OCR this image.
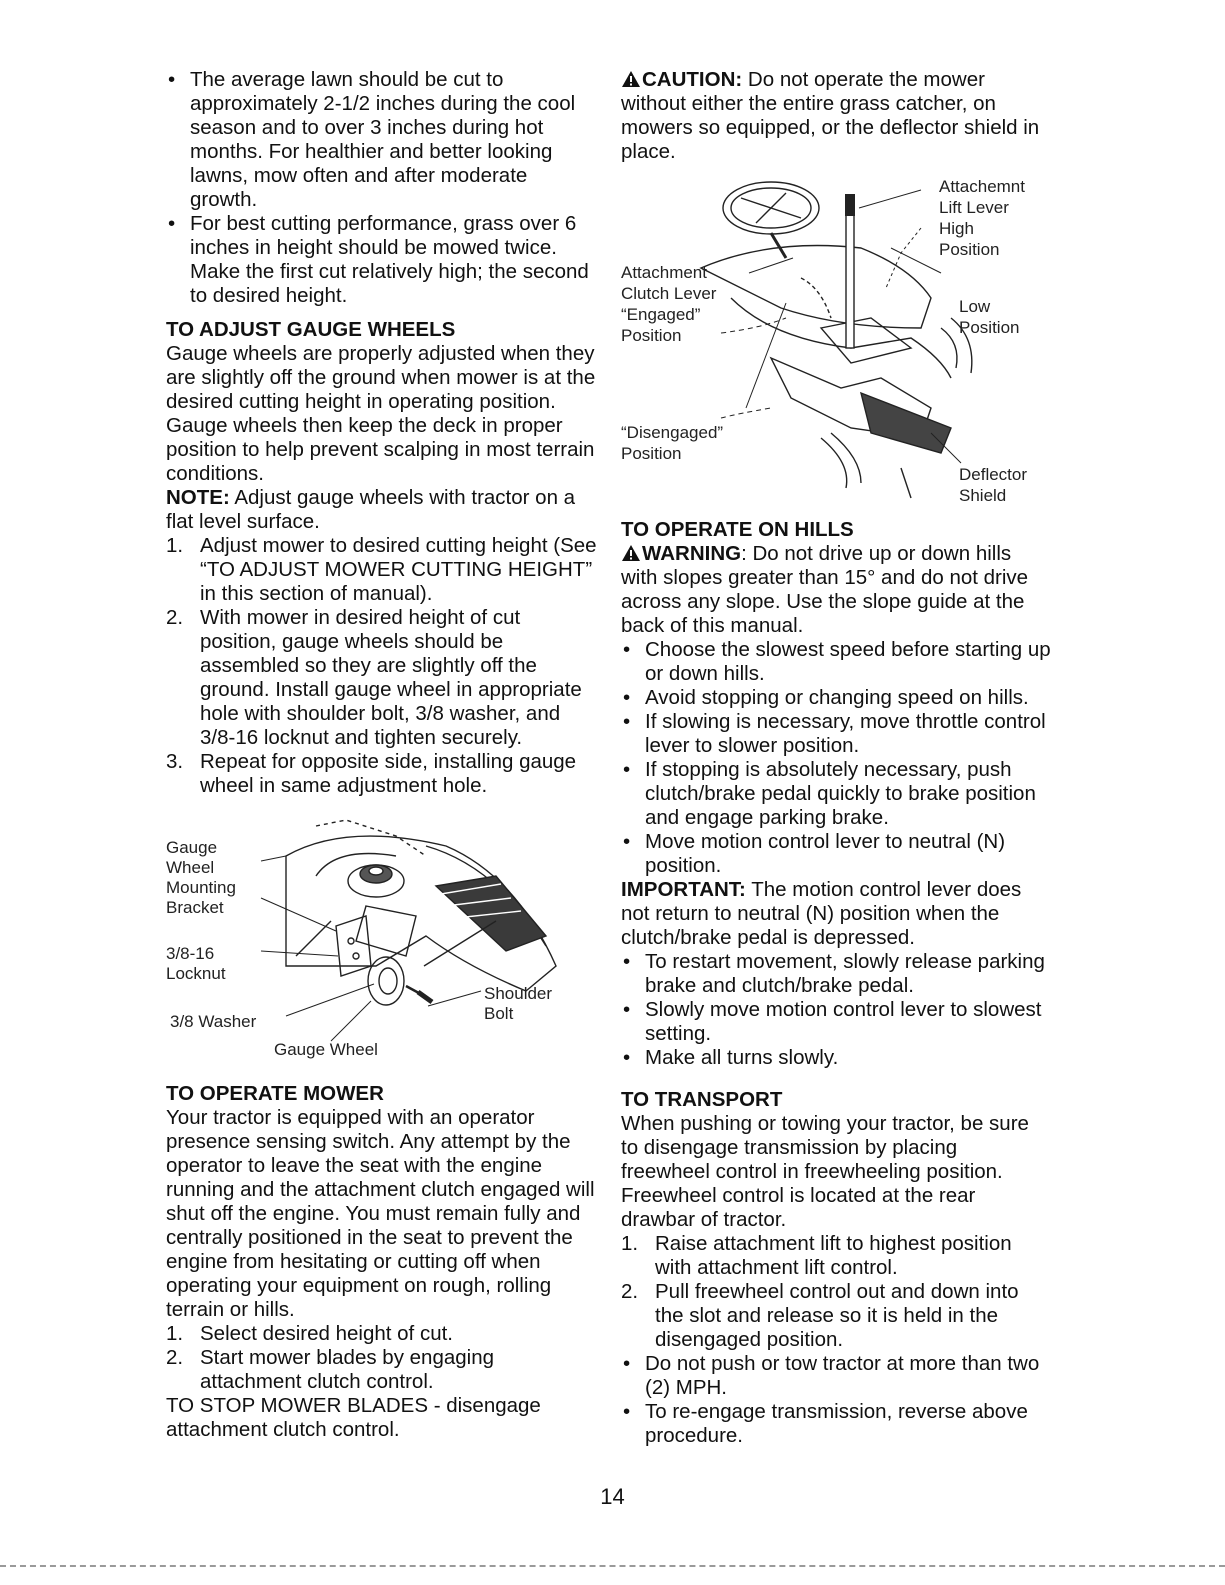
• The average lawn should be cut to approximately 2-1/2 inches during the cool season and to over 3 inches during hot months. For healthier and better looking lawns, mow often and after moderate growth.

• For best cutting performance, grass over 6 inches in height should be mowed twice. Make the first cut relatively high; the second to desired height.

TO ADJUST GAUGE WHEELS

Gauge wheels are properly adjusted when they are slightly off the ground when mower is at the desired cutting height in operating position. Gauge wheels then keep the deck in proper position to help prevent scalping in most terrain conditions.

NOTE: Adjust gauge wheels with tractor on a flat level surface.

1. Adjust mower to desired cutting height (See “TO ADJUST MOWER CUTTING HEIGHT” in this section of manual).

2. With mower in desired height of cut position, gauge wheels should be assembled so they are slightly off the ground. Install gauge wheel in appropriate hole with shoulder bolt, 3/8 washer, and 3/8-16 locknut and tighten securely.

3. Repeat for opposite side, installing gauge wheel in same adjustment hole.

Gauge
Wheel
Mounting
Bracket
3/8-16
Locknut
3/8 Washer
Shoulder
Bolt
Gauge Wheel
TO OPERATE MOWER

Your tractor is equipped with an operator presence sensing switch. Any attempt by the operator to leave the seat with the engine running and the attachment clutch engaged will shut off the engine. You must remain fully and centrally positioned in the seat to prevent the engine from hesitating or cutting off when operating your equipment on rough, rolling terrain or hills.

1. Select desired height of cut.

2. Start mower blades by engaging attachment clutch control.

TO STOP MOWER BLADES - disengage attachment clutch control.

CAUTION: Do not operate the mower without either the entire grass catcher, on mowers so equipped, or the deflector shield in place.

Attachemnt
Lift Lever
High
Position
Attachment
Clutch Lever
“Engaged”
Position
Low
Position
“Disengaged”
Position
Deflector
Shield
TO OPERATE ON HILLS

WARNING: Do not drive up or down hills with slopes greater than 15° and do not drive across any slope. Use the slope guide at the back of this manual.

• Choose the slowest speed before starting up or down hills.

• Avoid stopping or changing speed on hills.

• If slowing is necessary, move throttle control lever to slower position.

• If stopping is absolutely necessary, push clutch/brake pedal quickly to brake position and engage parking brake.

• Move motion control lever to neutral (N) position.

IMPORTANT: The motion control lever does not return to neutral (N) position when the clutch/brake pedal is depressed.

• To restart movement, slowly release parking brake and clutch/brake pedal.

• Slowly move motion control lever to slowest setting.

• Make all turns slowly.

TO TRANSPORT

When pushing or towing your tractor, be sure to disengage transmission by placing freewheel control in freewheeling position. Freewheel control is located at the rear drawbar of tractor.

1. Raise attachment lift to highest position with attachment lift control.

2. Pull freewheel control out and down into the slot and release so it is held in the disengaged position.

• Do not push or tow tractor at more than two (2) MPH.

• To re-engage transmission, reverse above procedure.

14
